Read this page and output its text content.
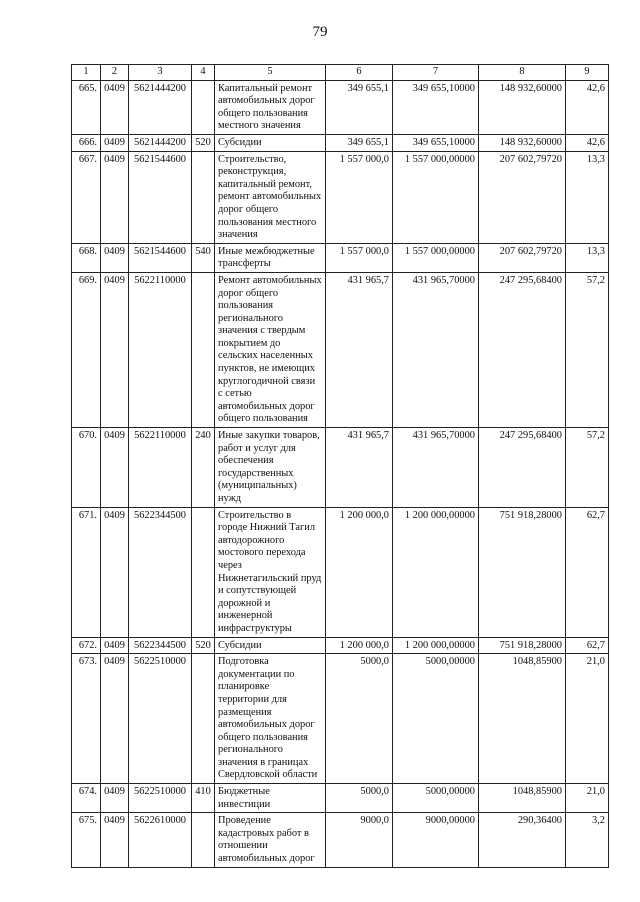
79
1	2	3	4	5	6	7	8	9
665.	0409	5621444200		Капитальный ремонт автомобильных дорог общего пользования местного значения	349 655,1	349 655,10000	148 932,60000	42,6
666.	0409	5621444200	520	Субсидии	349 655,1	349 655,10000	148 932,60000	42,6
667.	0409	5621544600		Строительство, реконструкция, капитальный ремонт, ремонт автомобильных дорог общего пользования местного значения	1 557 000,0	1 557 000,00000	207 602,79720	13,3
668.	0409	5621544600	540	Иные межбюджетные трансферты	1 557 000,0	1 557 000,00000	207 602,79720	13,3
669.	0409	5622110000		Ремонт автомобильных дорог общего пользования регионального значения с твердым покрытием до сельских населенных пунктов, не имеющих круглогодичной связи с сетью автомобильных дорог общего пользования	431 965,7	431 965,70000	247 295,68400	57,2
670.	0409	5622110000	240	Иные закупки товаров, работ и услуг для обеспечения государственных (муниципальных) нужд	431 965,7	431 965,70000	247 295,68400	57,2
671.	0409	5622344500		Строительство в городе Нижний Тагил автодорожного мостового перехода через Нижнетагильский пруд и сопутствующей дорожной и инженерной инфраструктуры	1 200 000,0	1 200 000,00000	751 918,28000	62,7
672.	0409	5622344500	520	Субсидии	1 200 000,0	1 200 000,00000	751 918,28000	62,7
673.	0409	5622510000		Подготовка документации по планировке территории для размещения автомобильных дорог общего пользования регионального значения в границах Свердловской области	5000,0	5000,00000	1048,85900	21,0
674.	0409	5622510000	410	Бюджетные инвестиции	5000,0	5000,00000	1048,85900	21,0
675.	0409	5622610000		Проведение кадастровых работ в отношении автомобильных дорог	9000,0	9000,00000	290,36400	3,2
